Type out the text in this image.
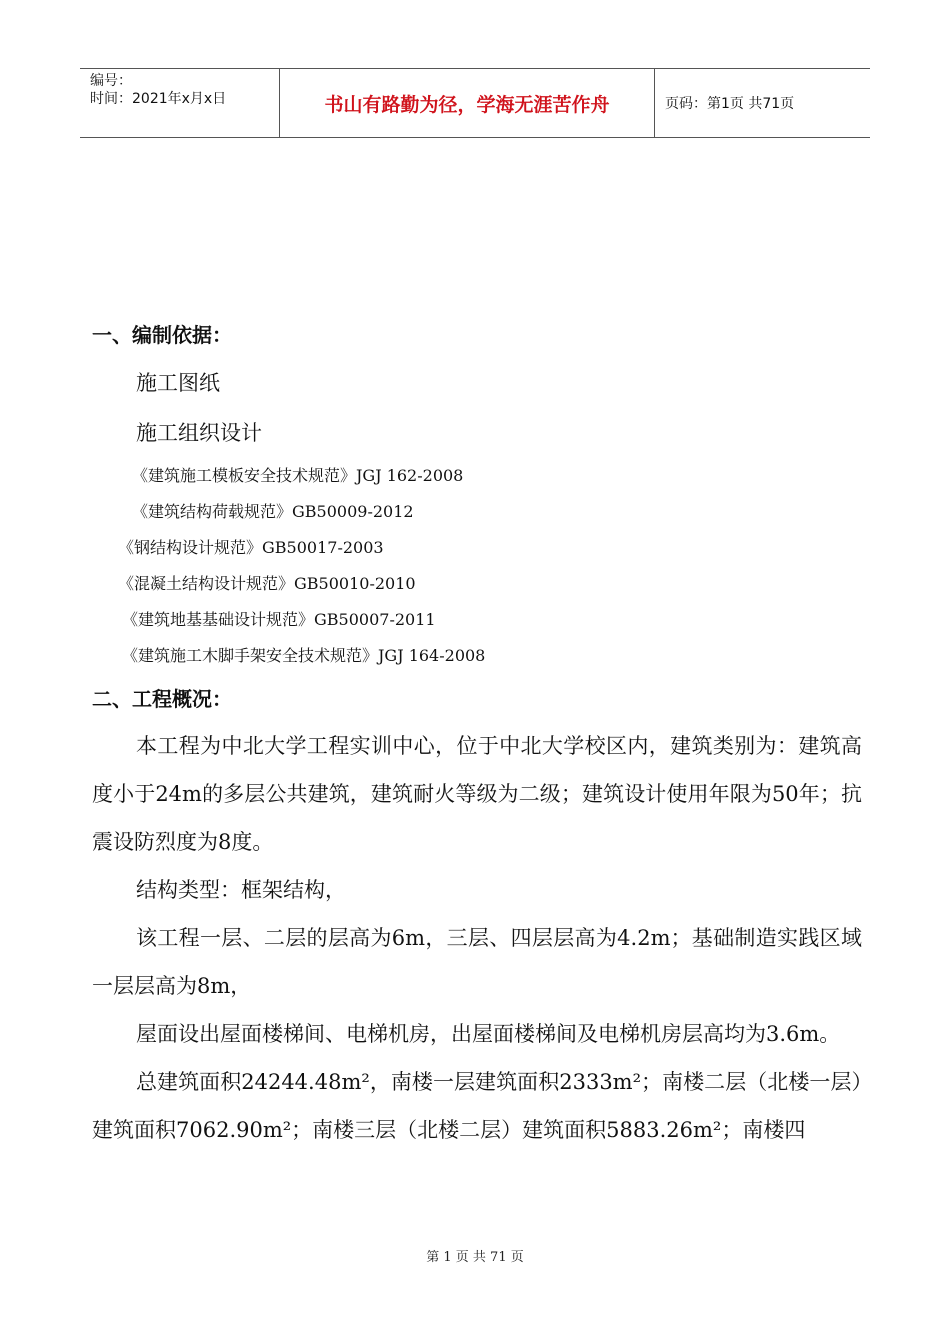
编号：
时间：2021年x月x日	书山有路勤为径，学海无涯苦作舟	页码：第1页 共71页
一、编制依据：
施工图纸
施工组织设计
《建筑施工模板安全技术规范》JGJ 162-2008
《建筑结构荷载规范》GB50009-2012
《钢结构设计规范》GB50017-2003
《混凝土结构设计规范》GB50010-2010
《建筑地基基础设计规范》GB50007-2011
《建筑施工木脚手架安全技术规范》JGJ 164-2008
二、工程概况：

本工程为中北大学工程实训中心，位于中北大学校区内，建筑类别为：建筑高度小于24m的多层公共建筑，建筑耐火等级为二级；建筑设计使用年限为50年；抗震设防烈度为8度。

结构类型：框架结构，

该工程一层、二层的层高为6m，三层、四层层高为4.2m；基础制造实践区域一层层高为8m，

屋面设出屋面楼梯间、电梯机房，出屋面楼梯间及电梯机房层高均为3.6m。

总建筑面积24244.48m²，南楼一层建筑面积2333m²；南楼二层（北楼一层）建筑面积7062.90m²；南楼三层（北楼二层）建筑面积5883.26m²；南楼四

第 1 页 共 71 页
